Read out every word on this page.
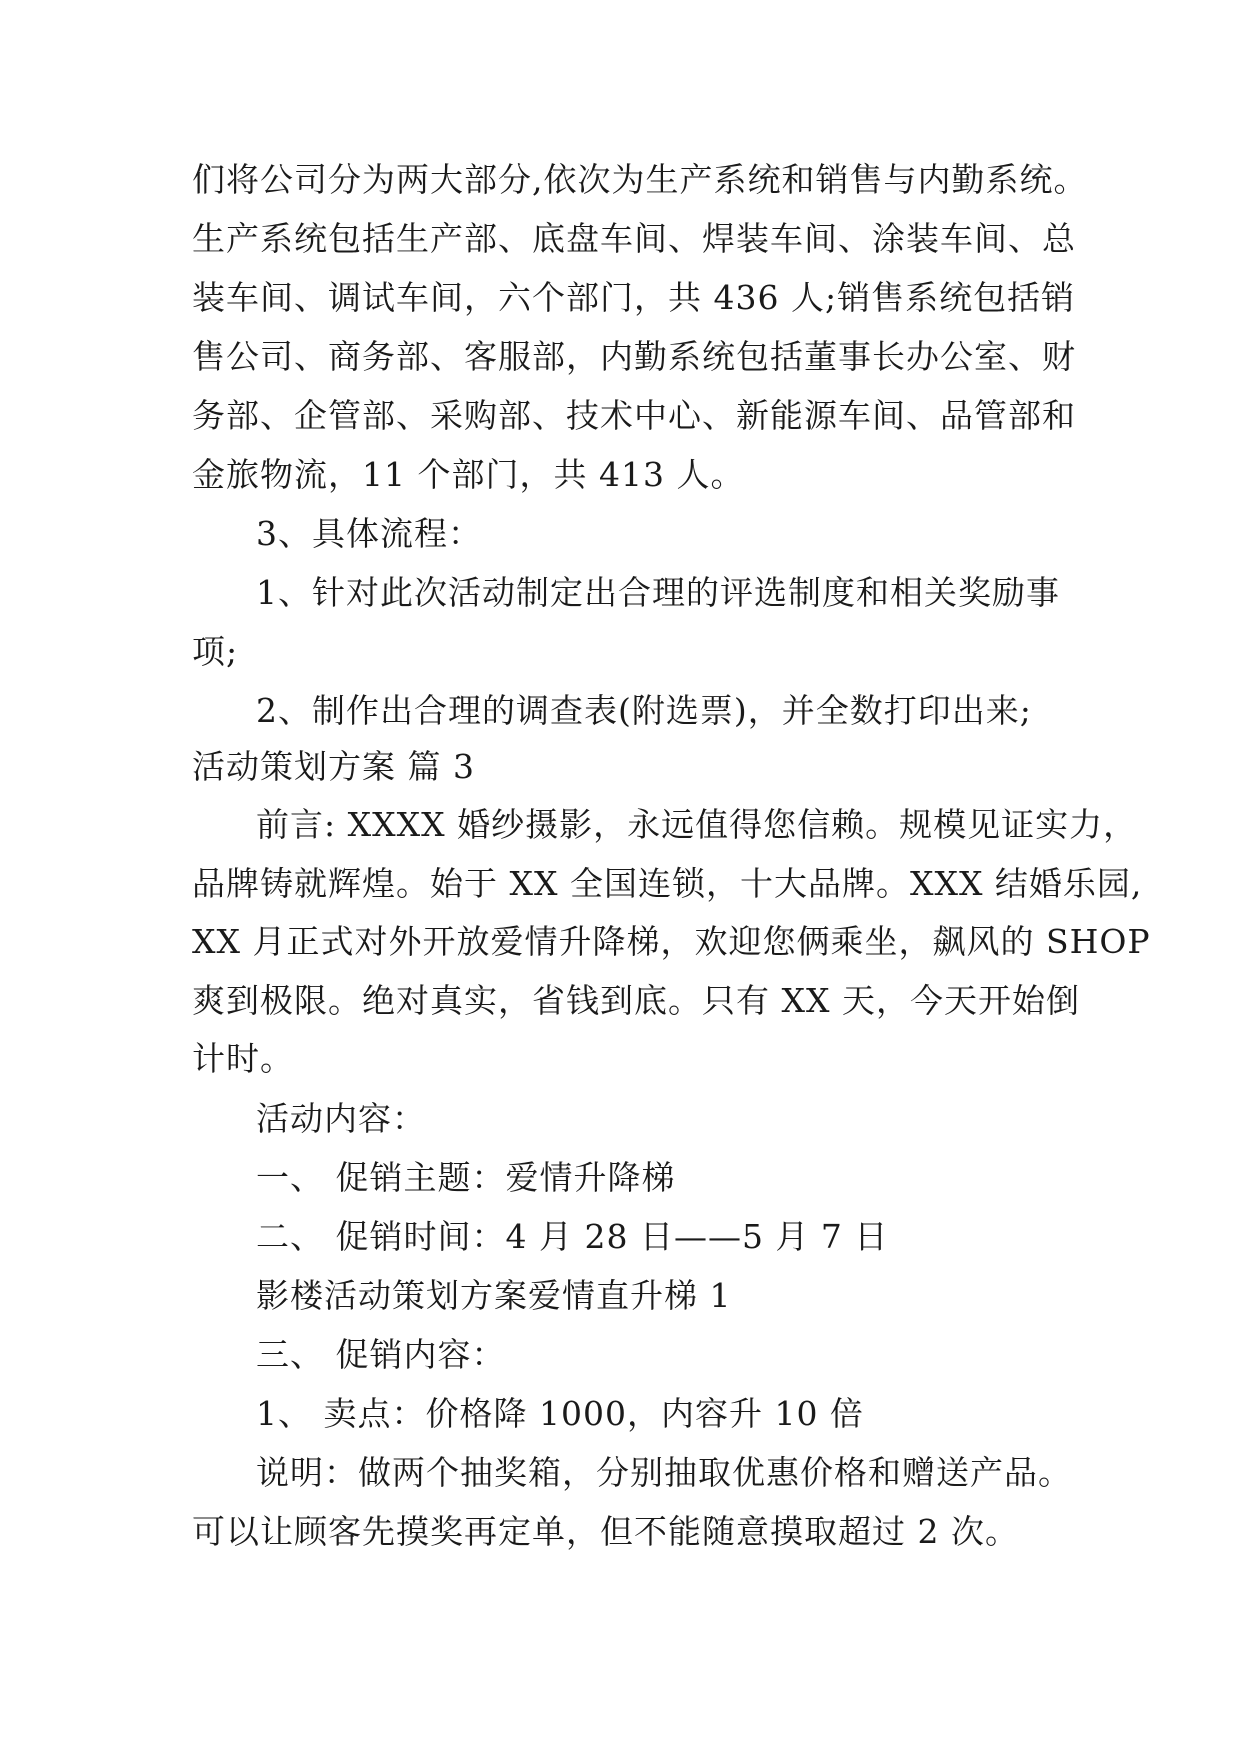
们将公司分为两大部分,依次为生产系统和销售与内勤系统。
生产系统包括生产部、底盘车间、焊装车间、涂装车间、总
装车间、调试车间，六个部门，共 436 人;销售系统包括销
售公司、商务部、客服部，内勤系统包括董事长办公室、财
务部、企管部、采购部、技术中心、新能源车间、品管部和
金旅物流，11 个部门，共 413 人。
3、具体流程：
1、针对此次活动制定出合理的评选制度和相关奖励事
项;
2、制作出合理的调查表(附选票)，并全数打印出来;
活动策划方案 篇 3
前言: XXXX 婚纱摄影，永远值得您信赖。规模见证实力，
品牌铸就辉煌。始于 XX 全国连锁，十大品牌。XXX 结婚乐园,
XX 月正式对外开放爱情升降梯，欢迎您俩乘坐，飙风的 SHOP
爽到极限。绝对真实，省钱到底。只有 XX 天，今天开始倒
计时。
活动内容：
一、 促销主题：爱情升降梯
二、 促销时间：4 月 28 日——5 月 7 日
影楼活动策划方案爱情直升梯 1
三、 促销内容：
1、 卖点：价格降 1000，内容升 10 倍
说明：做两个抽奖箱，分别抽取优惠价格和赠送产品。
可以让顾客先摸奖再定单，但不能随意摸取超过 2 次。
